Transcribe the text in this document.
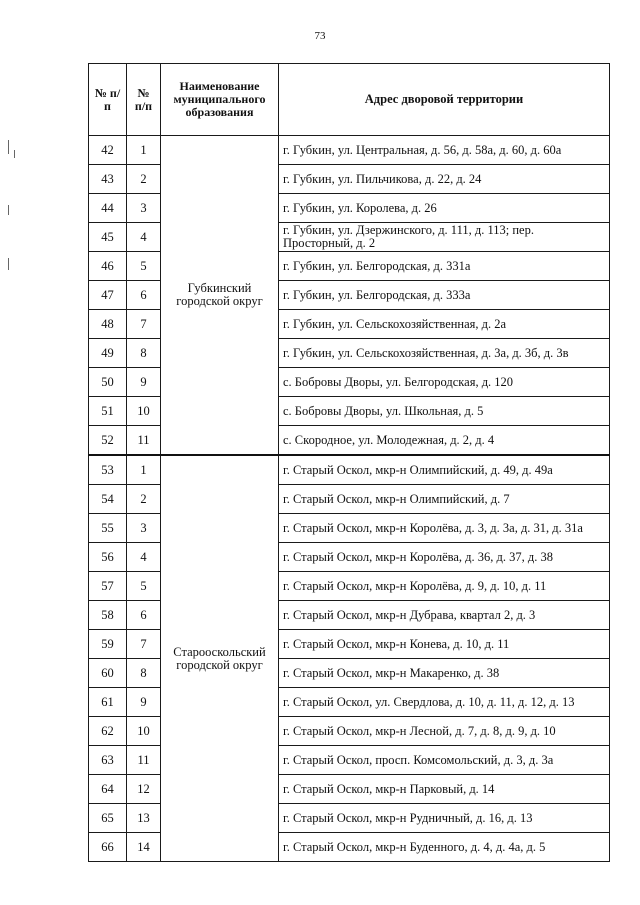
73
№ п/п	№ п/п	Наименование муниципального образования	Адрес дворовой территории
42	1	Губкинский городской округ	г. Губкин, ул. Центральная, д. 56, д. 58а, д. 60, д. 60а
43	2		г. Губкин, ул. Пильчикова, д. 22, д. 24
44	3		г. Губкин, ул. Королева, д. 26
45	4		г. Губкин, ул. Дзержинского, д. 111, д. 113; пер. Просторный, д. 2
46	5		г. Губкин, ул. Белгородская, д. 331а
47	6		г. Губкин, ул. Белгородская, д. 333а
48	7		г. Губкин, ул. Сельскохозяйственная, д. 2а
49	8		г. Губкин, ул. Сельскохозяйственная, д. 3а, д. 3б, д. 3в
50	9		с. Бобровы Дворы, ул. Белгородская, д. 120
51	10		с. Бобровы Дворы, ул. Школьная, д. 5
52	11		с. Скородное, ул. Молодежная, д. 2, д. 4
53	1	Старооскольский городской округ	г. Старый Оскол, мкр-н Олимпийский, д. 49, д. 49а
54	2		г. Старый Оскол, мкр-н Олимпийский, д. 7
55	3		г. Старый Оскол, мкр-н Королёва, д. 3, д. 3а, д. 31, д. 31а
56	4		г. Старый Оскол, мкр-н Королёва, д. 36, д. 37, д. 38
57	5		г. Старый Оскол, мкр-н Королёва, д. 9, д. 10, д. 11
58	6		г. Старый Оскол, мкр-н Дубрава, квартал 2, д. 3
59	7		г. Старый Оскол, мкр-н Конева, д. 10, д. 11
60	8		г. Старый Оскол, мкр-н Макаренко, д. 38
61	9		г. Старый Оскол, ул. Свердлова, д. 10, д. 11, д. 12, д. 13
62	10		г. Старый Оскол, мкр-н Лесной, д. 7, д. 8, д. 9, д. 10
63	11		г. Старый Оскол, просп. Комсомольский, д. 3, д. 3а
64	12		г. Старый Оскол, мкр-н Парковый, д. 14
65	13		г. Старый Оскол, мкр-н Рудничный, д. 16, д. 13
66	14		г. Старый Оскол, мкр-н Буденного, д. 4, д. 4а, д. 5
